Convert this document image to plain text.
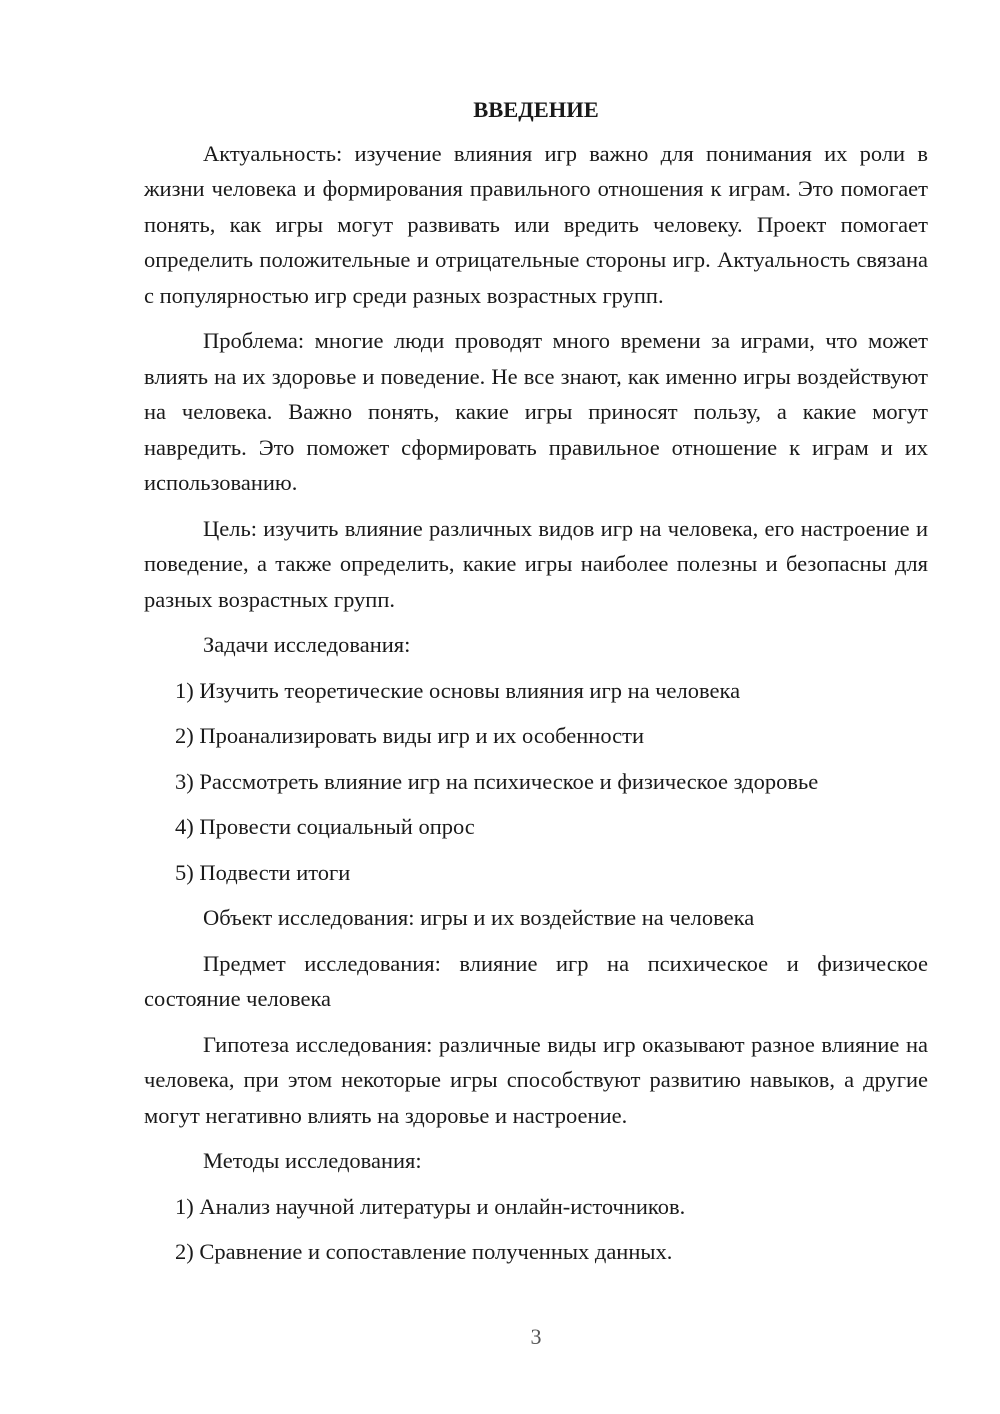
ВВЕДЕНИЕ

Актуальность: изучение влияния игр важно для понимания их роли в жизни человека и формирования правильного отношения к играм. Это помогает понять, как игры могут развивать или вредить человеку. Проект помогает определить положительные и отрицательные стороны игр. Актуальность связана с популярностью игр среди разных возрастных групп.

Проблема: многие люди проводят много времени за играми, что может влиять на их здоровье и поведение. Не все знают, как именно игры воздействуют на человека. Важно понять, какие игры приносят пользу, а какие могут навредить. Это поможет сформировать правильное отношение к играм и их использованию.

Цель: изучить влияние различных видов игр на человека, его настроение и поведение, а также определить, какие игры наиболее полезны и безопасны для разных возрастных групп.

Задачи исследования:

1) Изучить теоретические основы влияния игр на человека

2) Проанализировать виды игр и их особенности

3) Рассмотреть влияние игр на психическое и физическое здоровье

4) Провести социальный опрос

5) Подвести итоги

Объект исследования: игры и их воздействие на человека

Предмет исследования: влияние игр на психическое и физическое состояние человека

Гипотеза исследования: различные виды игр оказывают разное влияние на человека, при этом некоторые игры способствуют развитию навыков, а другие могут негативно влиять на здоровье и настроение.

Методы исследования:

1) Анализ научной литературы и онлайн-источников.

2) Сравнение и сопоставление полученных данных.

3
